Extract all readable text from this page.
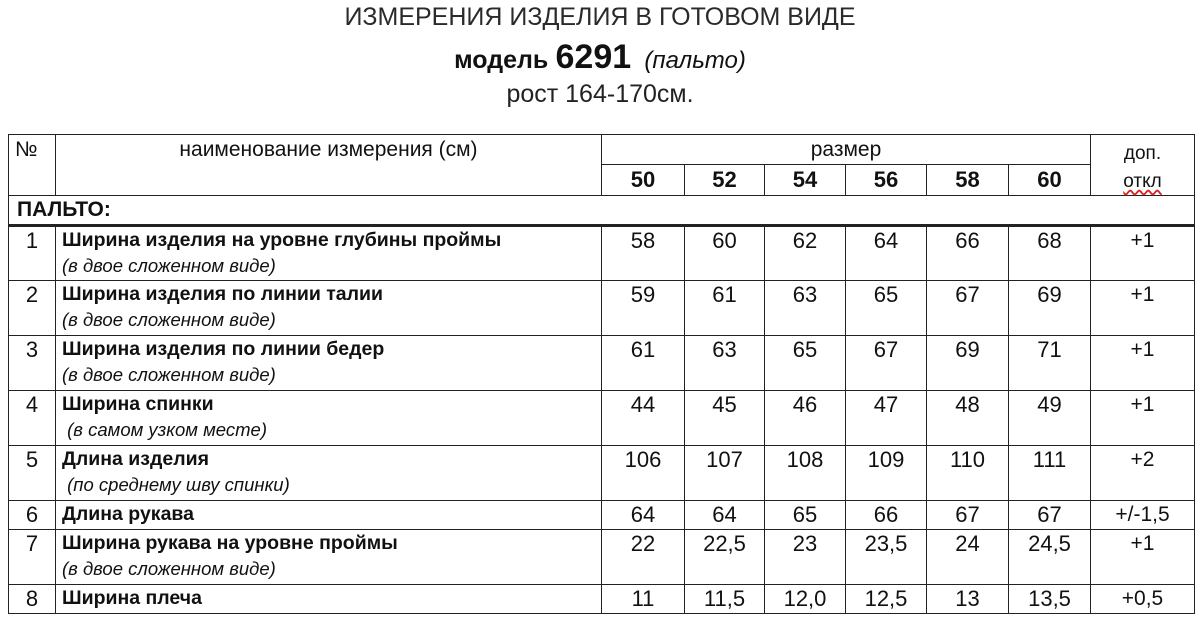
ИЗМЕРЕНИЯ ИЗДЕЛИЯ В ГОТОВОМ ВИДЕ
модель 6291 (пальто)
рост 164-170см.
№	наименование измерения (см)	размер						доп.
откл

		50	52	54	56	58	60	
ПАЛЬТО:								
1	Ширина изделия на уровне глубины проймы
(в двое сложенном виде)	58	60	62	64	66	68	+1
2	Ширина изделия по линии талии
(в двое сложенном виде)	59	61	63	65	67	69	+1
3	Ширина изделия по линии бедер
(в двое сложенном виде)	61	63	65	67	69	71	+1
4	Ширина спинки
(в самом узком месте)	44	45	46	47	48	49	+1
5	Длина изделия
(по среднему шву спинки)	106	107	108	109	110	111	+2
6	Длина рукава	64	64	65	66	67	67	+/-1,5
7	Ширина рукава на уровне проймы
(в двое сложенном виде)	22	22,5	23	23,5	24	24,5	+1
8	Ширина плеча	11	11,5	12,0	12,5	13	13,5	+0,5
